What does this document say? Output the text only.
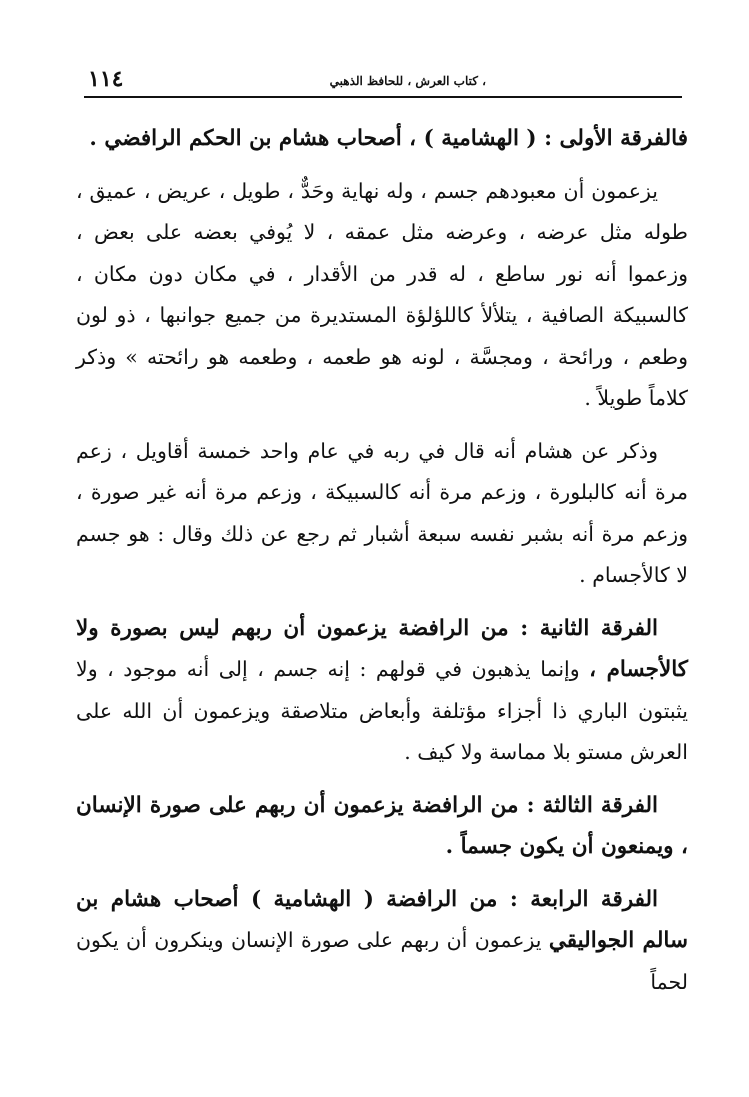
١١٤	، كتاب العرش ، للحافظ الذهبي

فالفرقة الأولى : ( الهشامية ) ، أصحاب هشام بن الحكم الرافضي .

يزعمون أن معبودهم جسم ، وله نهاية وحَدٌّ ، طويل ، عريض ، عميق ، طوله مثل عرضه ، وعرضه مثل عمقه ، لا يُوفي بعضه على بعض ، وزعموا أنه نور ساطع ، له قدر من الأقدار ، في مكان دون مكان ، كالسبيكة الصافية ، يتلألأ كاللؤلؤة المستديرة من جميع جوانبها ، ذو لون وطعم ، ورائحة ، ومجسَّة ، لونه هو طعمه ، وطعمه هو رائحته » وذكر كلاماً طويلاً .

وذكر عن هشام أنه قال في ربه في عام واحد خمسة أقاويل ، زعم مرة أنه كالبلورة ، وزعم مرة أنه كالسبيكة ، وزعم مرة أنه غير صورة ، وزعم مرة أنه بشبر نفسه سبعة أشبار ثم رجع عن ذلك وقال : هو جسم لا كالأجسام .

الفرقة الثانية : من الرافضة يزعمون أن ربهم ليس بصورة ولا كالأجسام ، وإنما يذهبون في قولهم : إنه جسم ، إلى أنه موجود ، ولا يثبتون الباري ذا أجزاء مؤتلفة وأبعاض متلاصقة ويزعمون أن الله على العرش مستو بلا مماسة ولا كيف .

الفرقة الثالثة : من الرافضة يزعمون أن ربهم على صورة الإنسان ، ويمنعون أن يكون جسماً .

الفرقة الرابعة : من الرافضة ( الهشامية ) أصحاب هشام بن سالم الجواليقي يزعمون أن ربهم على صورة الإنسان وينكرون أن يكون لحماً
